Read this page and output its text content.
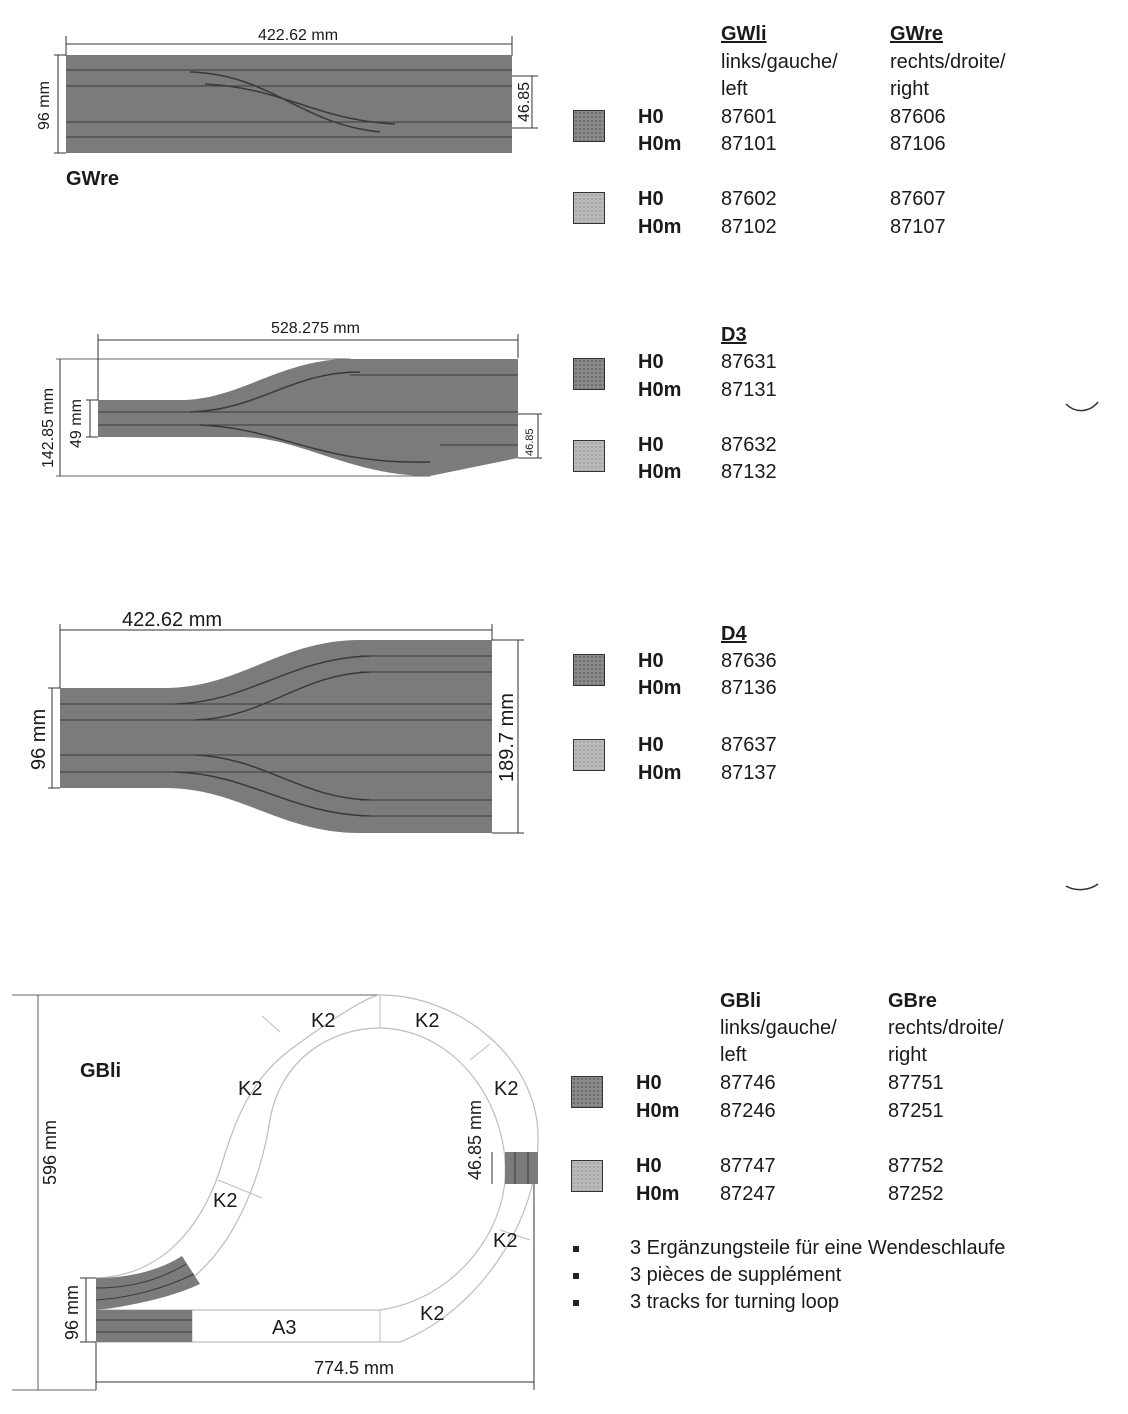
422.62 mm
96 mm	46.85
GWre
GWli
links/gauche/
left
GWre
rechts/droite/
right
H0	87601	87606
H0m 87101	87106
H0	87602	87607
H0m 87102	87107
528.275 mm
142.85 mm 49 mm	46.85
D3
H0	87631
H0m 87131
H0	87632
H0m 87132
422.62 mm
96 mm	189.7 mm
D4
H0	87636
H0m 87136
H0	87637
H0m 87137
K2	K2
K2	K2
K2
K2
K2
A3
GBli
596 mm
96 mm
46.85 mm
774.5 mm
GBli
links/gauche/
left
GBre
rechts/droite/
right
H0	87746	87751
H0m 87246	87251
H0	87747	87752
H0m 87247	87252
3 Ergänzungsteile für eine Wendeschlaufe
3 pièces de supplément
3 tracks for turning loop
